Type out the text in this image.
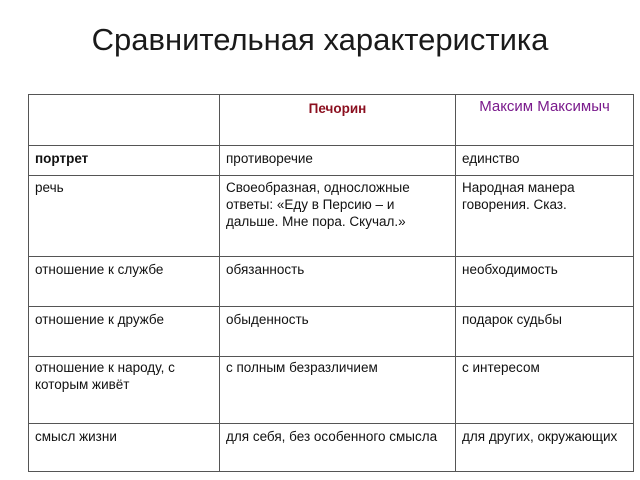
Сравнительная характеристика
	Печорин	Максим Максимыч
портрет	противоречие	единство
речь	Своеобразная, односложные ответы: «Еду в Персию – и дальше. Мне пора. Скучал.»	Народная манера говорения. Сказ.
отношение к службе	обязанность	необходимость
отношение к дружбе	обыденность	подарок судьбы
отношение к народу, с которым живёт	с полным безразличием	с интересом
смысл жизни	для себя, без особенного смысла	для других, окружающих
